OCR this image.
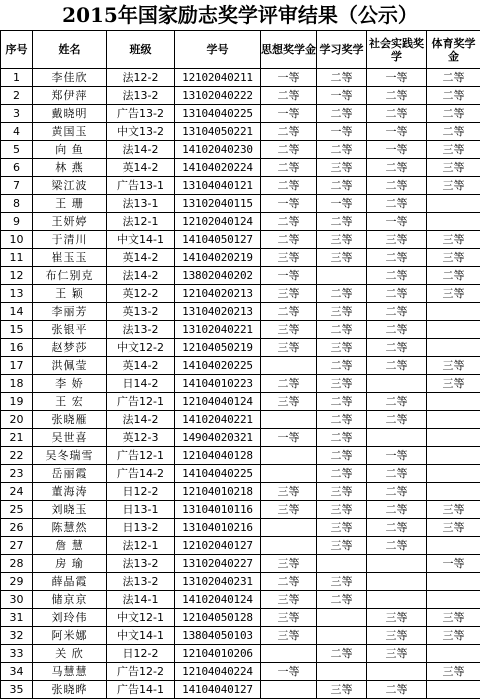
2015年国家励志奖学评审结果（公示）
序号	姓名	班级	学号	思想奖学金	学习奖学	社会实践奖学	体育奖学金
1	李佳欣	法12-2	12102040211	一等	二等	一等	二等
2	郑伊萍	法13-2	13102040222	二等	一等	二等	二等
3	戴晓明	广告13-2	13104040225	一等	二等	二等	二等
4	黄国玉	中文13-2	13104050221	二等	一等	一等	二等
5	向 鱼	法14-2	14102040230	二等	二等	一等	三等
6	林 燕	英14-2	14104020224	二等	三等	二等	三等
7	梁江波	广告13-1	13104040121	二等	二等	二等	三等
8	王 珊	法13-1	13102040115	一等	一等	二等	
9	王妍婷	法12-1	12102040124	二等	二等	一等	
10	于清川	中文14-1	14104050127	二等	三等	三等	三等
11	崔玉玉	英14-2	14104020219	三等	三等	二等	三等
12	布仁别克	法14-2	13802040202	一等		二等	二等
13	王 颖	英12-2	12104020213	三等	二等	二等	三等
14	李丽芳	英13-2	13104020213	二等	三等	二等	
15	张银平	法13-2	13102040221	三等	二等	二等	
16	赵梦莎	中文12-2	12104050219	三等	三等	二等	
17	洪佩莹	英14-2	14104020225		二等	二等	三等
18	李 娇	日14-2	14104010223	二等	三等		三等
19	王 宏	广告12-1	12104040124	三等	二等	二等	
20	张晓雁	法14-2	14102040221		二等	二等	
21	吴世喜	英12-3	14904020321	一等	二等		
22	吴冬瑞雪	广告12-1	12104040128		二等	一等	
23	岳丽霞	广告14-2	14104040225		二等	二等	
24	董海涛	日12-2	12104010218	三等	三等	二等	
25	刘晓玉	日13-1	13104010116	三等	三等	二等	三等
26	陈慧然	日13-2	13104010216		三等	二等	三等
27	詹 慧	法12-1	12102040127		三等	二等	
28	房 瑜	法13-2	13102040227	三等			一等
29	薛晶霞	法13-2	13102040231	二等	三等		
30	储京京	法14-1	14102040124	三等	二等		
31	刘玲伟	中文12-1	12104050128	三等		三等	三等
32	阿米娜	中文14-1	13804050103	三等		三等	三等
33	关 欣	日12-2	12104010206		二等	三等	
34	马慧慧	广告12-2	12104040224	一等			三等
35	张晓晔	广告14-1	14104040127		三等	二等	
